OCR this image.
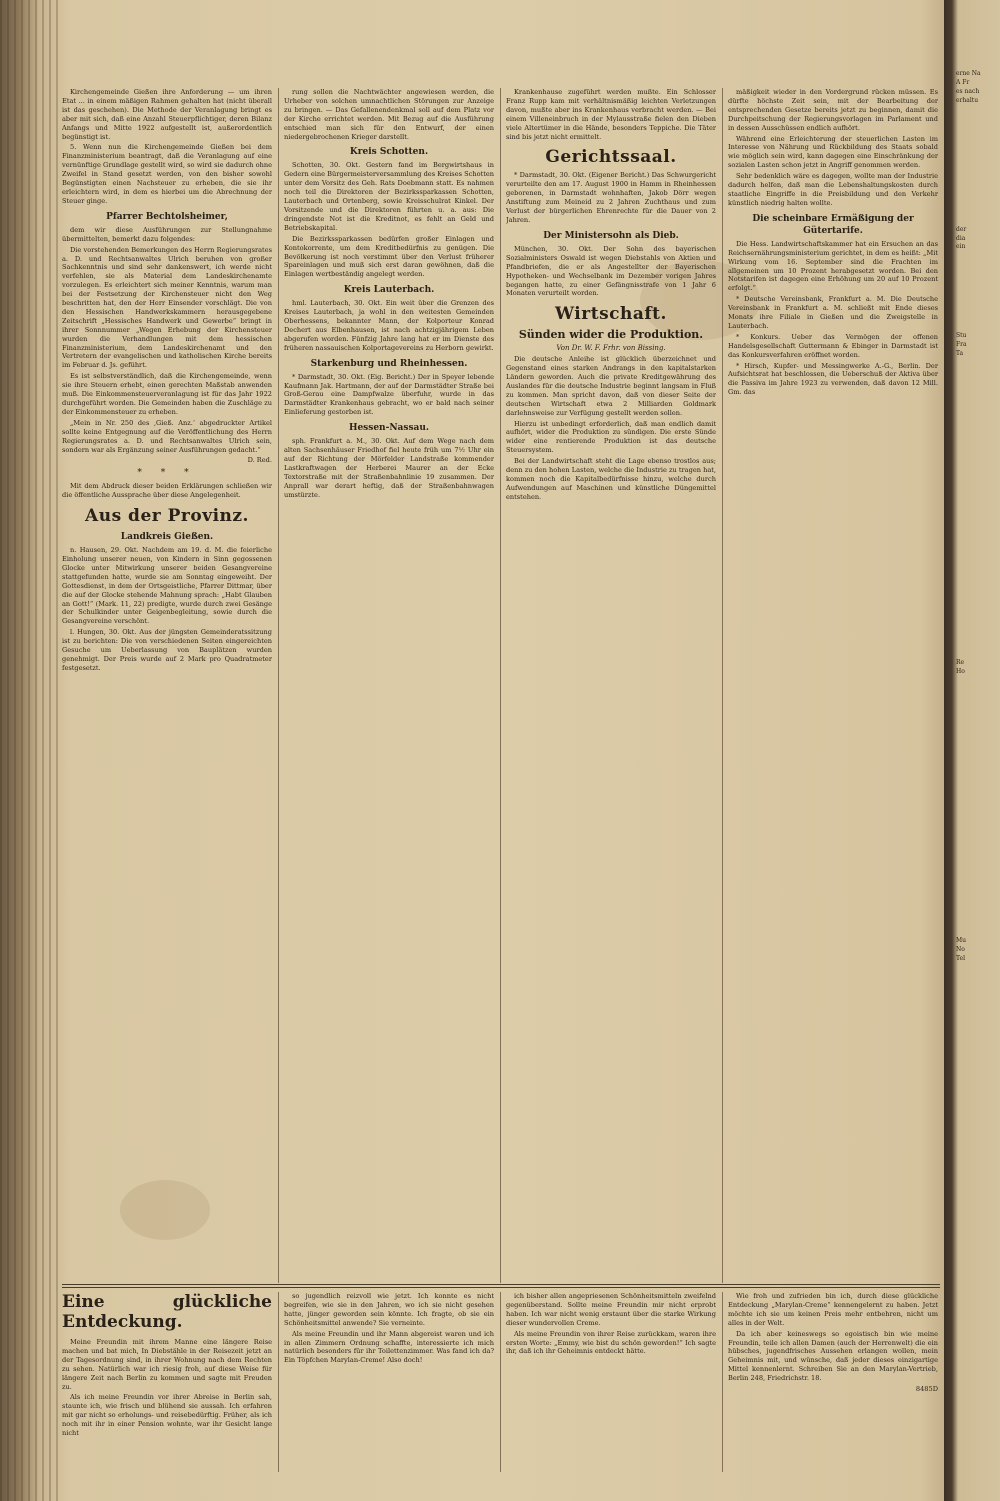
Kirchengemeinde Gießen ihre Anforderung — um ihren Etat ... in einem mäßigen Rahmen gehalten hat (nicht überall ist das geschehen). Die Methode der Veranlagung bringt es aber mit sich, daß eine Anzahl Steuerpflichtiger, deren Bilanz Anfangs und Mitte 1922 aufgestellt ist, außerordentlich begünstigt ist.

5. Wenn nun die Kirchengemeinde Gießen bei dem Finanzministerium beantragt, daß die Veranlagung auf eine vernünftige Grundlage gestellt wird, so wird sie dadurch ohne Zweifel in Stand gesetzt werden, von den bisher sowohl Begünstigten einen Nachsteuer zu erheben, die sie ihr erleichtern wird, in dem es hierbei um die Abrechnung der Steuer ginge.

Pfarrer Bechtolsheimer,

dem wir diese Ausführungen zur Stellungnahme übermittelten, bemerkt dazu folgendes:

Die vorstehenden Bemerkungen des Herrn Regierungsrates a. D. und Rechtsanwaltes Ulrich beruhen von großer Sachkenntnis und sind sehr dankenswert, ich werde nicht verfehlen, sie als Material dem Landeskirchenamte vorzulegen. Es erleichtert sich meiner Kenntnis, warum man bei der Festsetzung der Kirchensteuer nicht den Weg beschritten hat, den der Herr Einsender vorschlägt. Die von den Hessischen Handwerkskammern herausgegebene Zeitschrift „Hessisches Handwerk und Gewerbe“ bringt in ihrer Sonnnummer „Wegen Erhebung der Kirchensteuer wurden die Verhandlungen mit dem hessischen Finanzministerium, dem Landeskirchenamt und den Vertretern der evangelischen und katholischen Kirche bereits im Februar d. Js. geführt.

Es ist selbstverständlich, daß die Kirchengemeinde, wenn sie ihre Steuern erhebt, einen gerechten Maßstab anwenden muß. Die Einkommensteuerveranlagung ist für das Jahr 1922 durchgeführt worden. Die Gemeinden haben die Zuschläge zu der Einkommensteuer zu erheben.

„Mein in Nr. 250 des ‚Gieß. Anz.‘ abgedruckter Artikel sollte keine Entgegnung auf die Veröffentlichung des Herrn Regierungsrates a. D. und Rechtsanwaltes Ulrich sein, sondern war als Ergänzung seiner Ausführungen gedacht.“

D. Red.

* * *

Mit dem Abdruck dieser beiden Erklärungen schließen wir die öffentliche Aussprache über diese Angelegenheit.

Aus der Provinz.
Landkreis Gießen.

n. Hausen, 29. Okt. Nachdem am 19. d. M. die feierliche Einholung unserer neuen, von Kindern in Sinn gegossenen Glocke unter Mitwirkung unserer beiden Gesangvereine stattgefunden hatte, wurde sie am Sonntag eingeweiht. Der Gottesdienst, in dem der Ortsgeistliche, Pfarrer Dittmar, über die auf der Glocke stehende Mahnung sprach: „Habt Glauben an Gott!“ (Mark. 11, 22) predigte, wurde durch zwei Gesänge der Schulkinder unter Geigenbegleitung, sowie durch die Gesangvereine verschönt.

l. Hungen, 30. Okt. Aus der jüngsten Gemeinderatssitzung ist zu berichten: Die von verschiedenen Seiten eingereichten Gesuche um Ueberlassung von Bauplätzen wurden genehmigt. Der Preis wurde auf 2 Mark pro Quadratmeter festgesetzt.

rung sollen die Nachtwächter angewiesen werden, die Urheber von solchen umnachtlichen Störungen zur Anzeige zu bringen. — Das Gefallenendenkmal soll auf dem Platz vor der Kirche errichtet werden. Mit Bezug auf die Ausführung entschied man sich für den Entwurf, der einen niedergebrochenen Krieger darstellt.

Kreis Schotten.

Schotten, 30. Okt. Gestern fand im Bergwirtshaus in Gedern eine Bürgermeisterversammlung des Kreises Schotten unter dem Vorsitz des Geh. Rats Doebmann statt. Es nahmen noch teil die Direktoren der Bezirkssparkassen Schotten, Lauterbach und Ortenberg, sowie Kreisschulrat Kinkel. Der Vorsitzende und die Direktoren führten u. a. aus: Die dringendste Not ist die Kreditnot, es fehlt an Geld und Betriebskapital.

Die Bezirkssparkassen bedürfen großer Einlagen und Kontokorrente, um dem Kreditbedürfnis zu genügen. Die Bevölkerung ist noch verstimmt über den Verlust früherer Spareinlagen und muß sich erst daran gewöhnen, daß die Einlagen wertbeständig angelegt werden.

Kreis Lauterbach.

hml. Lauterbach, 30. Okt. Ein weit über die Grenzen des Kreises Lauterbach, ja wohl in den weitesten Gemeinden Oberhessens, bekannter Mann, der Kolporteur Konrad Dechert aus Elbenhausen, ist nach achtzigjährigem Leben abgerufen worden. Fünfzig Jahre lang hat er im Dienste des früheren nassauischen Kolportagevereins zu Herborn gewirkt.

Starkenburg und Rheinhessen.

* Darmstadt, 30. Okt. (Eig. Bericht.) Der in Speyer lebende Kaufmann Jak. Hartmann, der auf der Darmstädter Straße bei Groß-Gerau eine Dampfwalze überfuhr, wurde in das Darmstädter Krankenhaus gebracht, wo er bald nach seiner Einlieferung gestorben ist.

Hessen-Nassau.

sph. Frankfurt a. M., 30. Okt. Auf dem Wege nach dem alten Sachsenhäuser Friedhof fiel heute früh um 7½ Uhr ein auf der Richtung der Mörfelder Landstraße kommender Lastkraftwagen der Herberei Maurer an der Ecke Textorstraße mit der Straßenbahnlinie 19 zusammen. Der Anprall war derart heftig, daß der Straßenbahnwagen umstürzte.

Krankenhause zugeführt werden mußte. Ein Schlosser Franz Rupp kam mit verhältnismäßig leichten Verletzungen davon, mußte aber ins Krankenhaus verbracht werden. — Bei einem Villeneinbruch in der Mylausstraße fielen den Dieben viele Altertümer in die Hände, besonders Teppiche. Die Täter sind bis jetzt nicht ermittelt.

Gerichtssaal.

* Darmstadt, 30. Okt. (Eigener Bericht.) Das Schwurgericht verurteilte den am 17. August 1900 in Hamm in Rheinhessen geborenen, in Darmstadt wohnhaften, Jakob Dörr wegen Anstiftung zum Meineid zu 2 Jahren Zuchthaus und zum Verlust der bürgerlichen Ehrenrechte für die Dauer von 2 Jahren.

Der Ministersohn als Dieb.

München, 30. Okt. Der Sohn des bayerischen Sozialministers Oswald ist wegen Diebstahls von Aktien und Pfandbriefen, die er als Angestellter der Bayerischen Hypotheken- und Wechselbank im Dezember vorigen Jahres begangen hatte, zu einer Gefängnisstrafe von 1 Jahr 6 Monaten verurteilt worden.

Wirtschaft.
Sünden wider die Produktion.
Von Dr. W. F. Frhr. von Bissing.

Die deutsche Anleihe ist glücklich überzeichnet und Gegenstand eines starken Andrangs in den kapitalstarken Ländern geworden. Auch die private Kreditgewährung des Auslandes für die deutsche Industrie beginnt langsam in Fluß zu kommen. Man spricht davon, daß von dieser Seite der deutschen Wirtschaft etwa 2 Milliarden Goldmark darlehnsweise zur Verfügung gestellt werden sollen.

Hierzu ist unbedingt erforderlich, daß man endlich damit aufhört, wider die Produktion zu sündigen. Die erste Sünde wider eine rentierende Produktion ist das deutsche Steuersystem.

Bei der Landwirtschaft steht die Lage ebenso trostlos aus; denn zu den hohen Lasten, welche die Industrie zu tragen hat, kommen noch die Kapitalbedürfnisse hinzu, welche durch Aufwendungen auf Maschinen und künstliche Düngemittel entstehen.

mäßigkeit wieder in den Vordergrund rücken müssen. Es dürfte höchste Zeit sein, mit der Bearbeitung der entsprechenden Gesetze bereits jetzt zu beginnen, damit die Durchpeitschung der Regierungsvorlagen im Parlament und in dessen Ausschüssen endlich aufhört.

Während eine Erleichterung der steuerlichen Lasten im Interesse von Nährung und Rückbildung des Staats sobald wie möglich sein wird, kann dagegen eine Einschränkung der sozialen Lasten schon jetzt in Angriff genommen werden.

Sehr bedenklich wäre es dagegen, wollte man der Industrie dadurch helfen, daß man die Lebenshaltungskosten durch staatliche Eingriffe in die Preisbildung und den Verkehr künstlich niedrig halten wollte.

Die scheinbare Ermäßigung der Gütertarife.

Die Hess. Landwirtschaftskammer hat ein Ersuchen an das Reichsernährungsministerium gerichtet, in dem es heißt: „Mit Wirkung vom 16. September sind die Frachten im allgemeinen um 10 Prozent herabgesetzt worden. Bei den Notstarifen ist dagegen eine Erhöhung um 20 auf 10 Prozent erfolgt.“

* Deutsche Vereinsbank, Frankfurt a. M. Die Deutsche Vereinsbank in Frankfurt a. M. schließt mit Ende dieses Monats ihre Filiale in Gießen und die Zweigstelle in Lauterbach.

* Konkurs. Ueber das Vermögen der offenen Handelsgesellschaft Guttermann & Ebinger in Darmstadt ist das Konkursverfahren eröffnet worden.

* Hirsch, Kupfer- und Messingwerke A.-G., Berlin. Der Aufsichtsrat hat beschlossen, die Ueberschuß der Aktiva über die Passiva im Jahre 1923 zu verwenden, daß davon 12 Mill. Gm. das

Eine glückliche Entdeckung.

Meine Freundin mit ihrem Manne eine längere Reise machen und bat mich, In Diebstähle in der Reisezeit jetzt an der Tagesordnung sind, in ihrer Wohnung nach dem Rechten zu sehen. Natürlich war ich riesig froh, auf diese Weise für längere Zeit nach Berlin zu kommen und sagte mit Freuden zu.

Als ich meine Freundin vor ihrer Abreise in Berlin sah, staunte ich, wie frisch und blühend sie aussah. Ich erfahren mit gar nicht so erholungs- und reisebedürftig. Früher, als ich noch mit ihr in einer Pension wohnte, war ihr Gesicht lange nicht

so jugendlich reizvoll wie jetzt. Ich konnte es nicht begreifen, wie sie in den Jahren, wo ich sie nicht gesehen hatte, jünger geworden sein könnte. Ich fragte, ob sie ein Schönheitsmittel anwende? Sie verneinte.

Als meine Freundin und ihr Mann abgereist waren und ich in allen Zimmern Ordnung schaffte, interessierte ich mich natürlich besonders für ihr Toilettenzimmer. Was fand ich da? Ein Töpfchen Marylan-Creme! Also doch!

ich bisher allen angepriesenen Schönheitsmitteln zweifelnd gegenüberstand. Sollte meine Freundin mir nicht erprobt haben. Ich war nicht wenig erstaunt über die starke Wirkung dieser wundervollen Creme.

Als meine Freundin von ihrer Reise zurückkam, waren ihre ersten Worte: „Emmy, wie bist du schön geworden!“ Ich sagte ihr, daß ich ihr Geheimnis entdeckt hätte.

Wie froh und zufrieden bin ich, durch diese glückliche Entdeckung „Marylan-Creme“ kennengelernt zu haben. Jetzt möchte ich sie um keinen Preis mehr entbehren, nicht um alles in der Welt.

Da ich aber keineswegs so egoistisch bin wie meine Freundin, teile ich allen Damen (auch der Herrenwelt) die ein hübsches, jugendfrisches Aussehen erlangen wollen, mein Geheimnis mit, und wünsche, daß jeder dieses einzigartige Mittel kennenlernt. Schreiben Sie an den Marylan-Vertrieb, Berlin 248, Friedrichstr. 18.

8485D

erne Na

A Fr

es nach

erhaltu

der

dia

ein

Stu

Fra

Ta

Re

Ho

Mu

No

Tel
